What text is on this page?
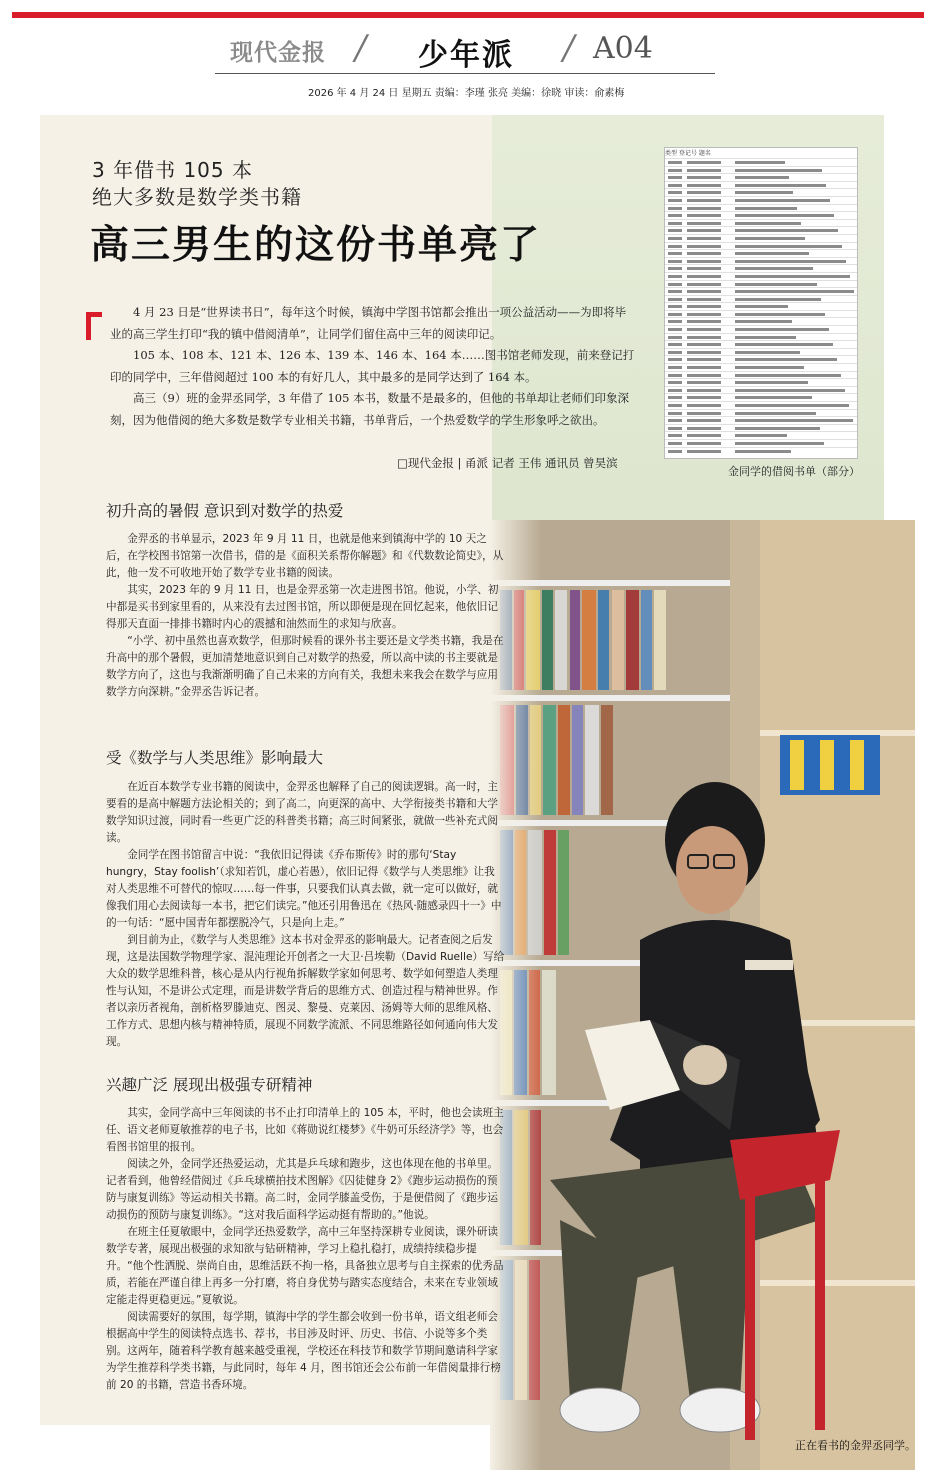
现代金报 / 少年派 / A04
2026 年 4 月 24 日 星期五 责编：李瑾 张亮 美编：徐晓 审读：俞素梅
3 年借书 105 本
绝大多数是数学类书籍
高三男生的这份书单亮了

4 月 23 日是“世界读书日”，每年这个时候，镇海中学图书馆都会推出一项公益活动——为即将毕业的高三学生打印“我的镇中借阅清单”，让同学们留住高中三年的阅读印记。

105 本、108 本、121 本、126 本、139 本、146 本、164 本……图书馆老师发现，前来登记打印的同学中，三年借阅超过 100 本的有好几人，其中最多的是同学达到了 164 本。

高三（9）班的金羿丞同学，3 年借了 105 本书，数量不是最多的，但他的书单却让老师们印象深刻，因为他借阅的绝大多数是数学专业相关书籍，书单背后，一个热爱数学的学生形象呼之欲出。

□现代金报 | 甬派 记者 王伟 通讯员 曾昊滨
类型 登记号 题名
金同学的借阅书单（部分）
初升高的暑假 意识到对数学的热爱

金羿丞的书单显示，2023 年 9 月 11 日，也就是他来到镇海中学的 10 天之后，在学校图书馆第一次借书，借的是《面积关系帮你解题》和《代数数论简史》，从此，他一发不可收地开始了数学专业书籍的阅读。

其实，2023 年的 9 月 11 日，也是金羿丞第一次走进图书馆。他说，小学、初中都是买书到家里看的，从来没有去过图书馆，所以即便是现在回忆起来，他依旧记得那天直面一排排书籍时内心的震撼和油然而生的求知与欣喜。

“小学、初中虽然也喜欢数学，但那时候看的课外书主要还是文学类书籍，我是在升高中的那个暑假，更加清楚地意识到自己对数学的热爱，所以高中读的书主要就是数学方向了，这也与我渐渐明确了自己未来的方向有关，我想未来我会在数学与应用数学方向深耕。”金羿丞告诉记者。

受《数学与人类思维》影响最大

在近百本数学专业书籍的阅读中，金羿丞也解释了自己的阅读逻辑。高一时，主要看的是高中解题方法论相关的；到了高二，向更深的高中、大学衔接类书籍和大学数学知识过渡，同时看一些更广泛的科普类书籍；高三时间紧张，就做一些补充式阅读。

金同学在图书馆留言中说：“我依旧记得读《乔布斯传》时的那句‘Stay hungry，Stay foolish’（求知若饥，虚心若愚），依旧记得《数学与人类思维》让我对人类思维不可替代的惊叹……每一件事，只要我们认真去做，就一定可以做好，就像我们用心去阅读每一本书，把它们读完。”他还引用鲁迅在《热风·随感录四十一》中的一句话：“愿中国青年都摆脱冷气，只是向上走。”

到目前为止，《数学与人类思维》这本书对金羿丞的影响最大。记者查阅之后发现，这是法国数学物理学家、混沌理论开创者之一大卫·吕埃勒（David Ruelle）写给大众的数学思维科普，核心是从内行视角拆解数学家如何思考、数学如何塑造人类理性与认知，不是讲公式定理，而是讲数学背后的思维方式、创造过程与精神世界。作者以亲历者视角，剖析格罗滕迪克、图灵、黎曼、克莱因、汤姆等大师的思维风格、工作方式、思想内核与精神特质，展现不同数学流派、不同思维路径如何通向伟大发现。

兴趣广泛 展现出极强专研精神

其实，金同学高中三年阅读的书不止打印清单上的 105 本，平时，他也会读班主任、语文老师夏敏推荐的电子书，比如《蒋勋说红楼梦》《牛奶可乐经济学》等，也会看图书馆里的报刊。

阅读之外，金同学还热爱运动，尤其是乒乓球和跑步，这也体现在他的书单里。记者看到，他曾经借阅过《乒乓球横拍技术图解》《囚徒健身 2》《跑步运动损伤的预防与康复训练》等运动相关书籍。高二时，金同学膝盖受伤，于是便借阅了《跑步运动损伤的预防与康复训练》。“这对我后面科学运动挺有帮助的。”他说。

在班主任夏敏眼中，金同学还热爱数学，高中三年坚持深耕专业阅读，课外研读数学专著，展现出极强的求知欲与钻研精神，学习上稳扎稳打，成绩持续稳步提升。“他个性洒脱、崇尚自由，思维活跃不拘一格，具备独立思考与自主探索的优秀品质，若能在严谨自律上再多一分打磨，将自身优势与踏实态度结合，未来在专业领域定能走得更稳更远。”夏敏说。

阅读需要好的氛围，每学期，镇海中学的学生都会收到一份书单，语文组老师会根据高中学生的阅读特点选书、荐书，书目涉及时评、历史、书信、小说等多个类别。这两年，随着科学教育越来越受重视，学校还在科技节和数学节期间邀请科学家为学生推荐科学类书籍，与此同时，每年 4 月，图书馆还会公布前一年借阅量排行榜前 20 的书籍，营造书香环境。

正在看书的金羿丞同学。
